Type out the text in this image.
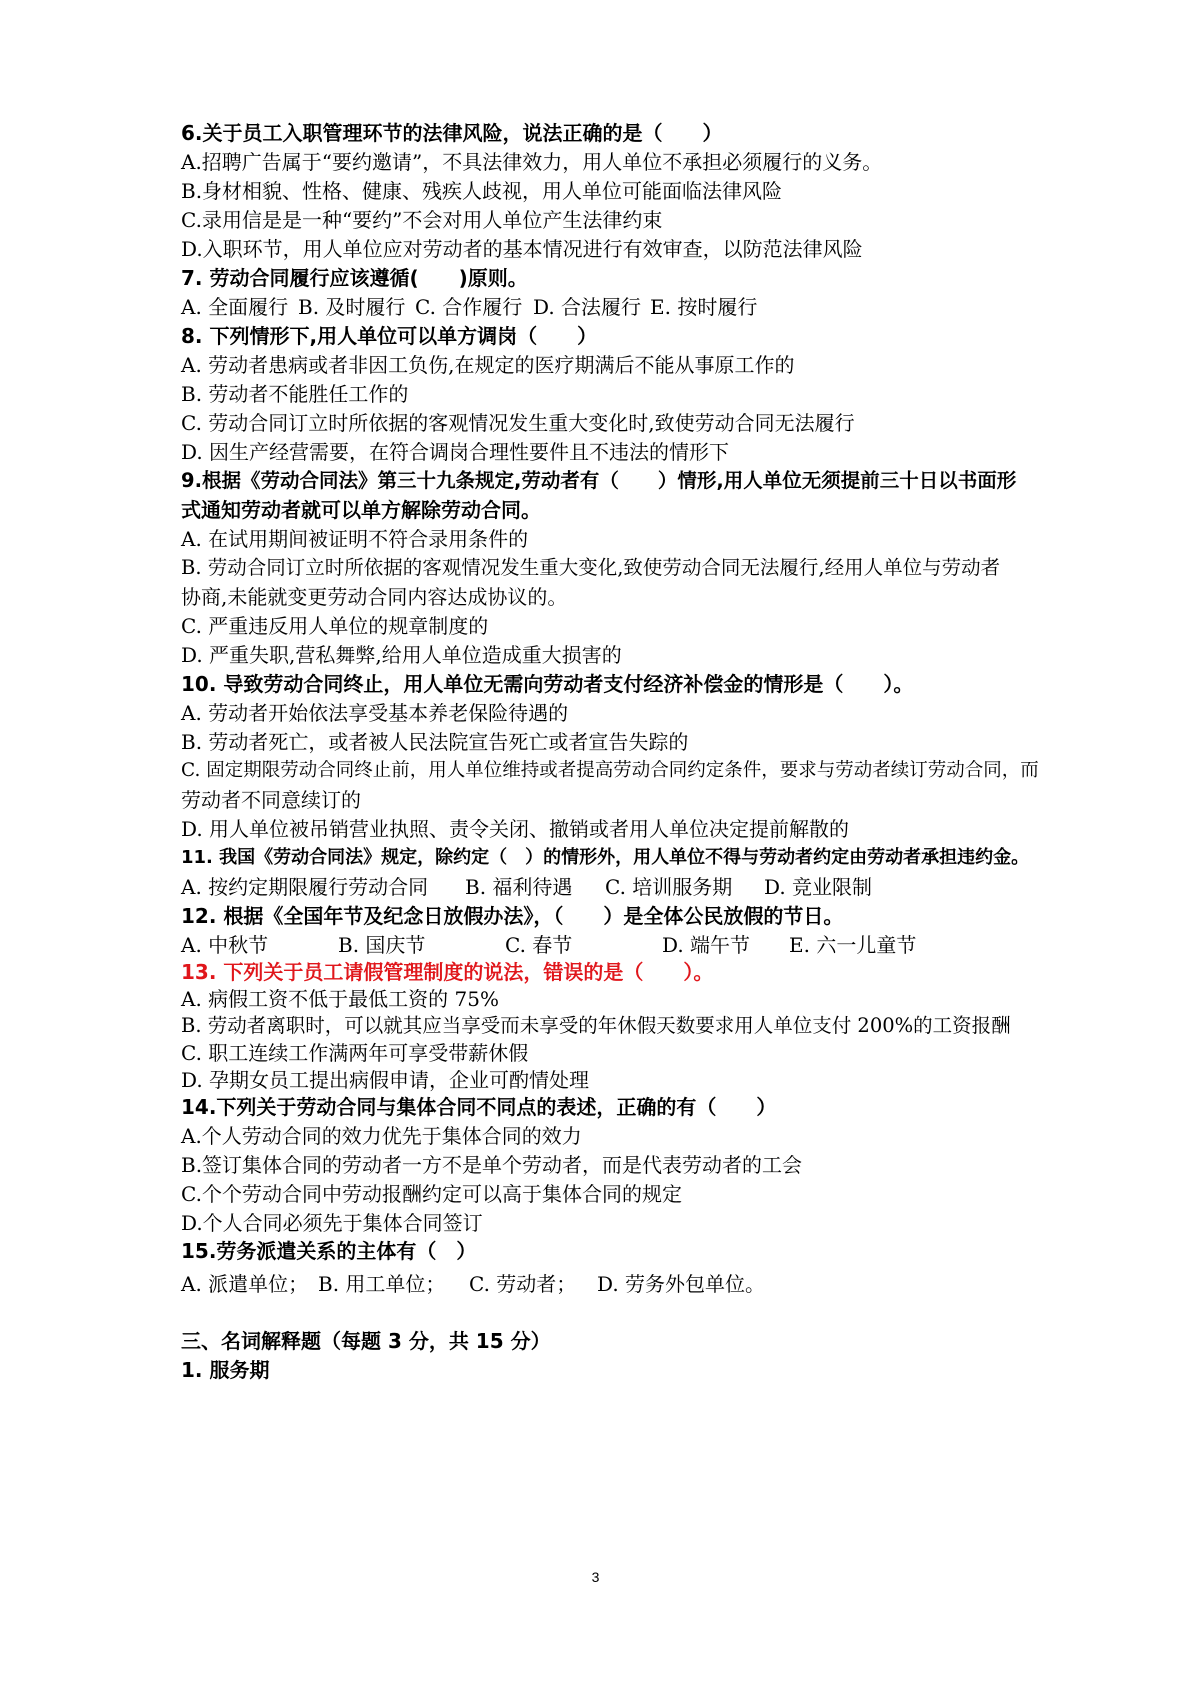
6.关于员工入职管理环节的法律风险，说法正确的是（　　）
A.招聘广告属于“要约邀请”，不具法律效力，用人单位不承担必须履行的义务。
B.身材相貌、性格、健康、残疾人歧视，用人单位可能面临法律风险
C.录用信是是一种“要约”不会对用人单位产生法律约束
D.入职环节，用人单位应对劳动者的基本情况进行有效审查，以防范法律风险
7. 劳动合同履行应该遵循(　　)原则。
A. 全面履行 B. 及时履行 C. 合作履行 D. 合法履行 E. 按时履行
8. 下列情形下,用人单位可以单方调岗（　　）
A. 劳动者患病或者非因工负伤,在规定的医疗期满后不能从事原工作的
B. 劳动者不能胜任工作的
C. 劳动合同订立时所依据的客观情况发生重大变化时,致使劳动合同无法履行
D. 因生产经营需要，在符合调岗合理性要件且不违法的情形下
9.根据《劳动合同法》第三十九条规定,劳动者有（　　）情形,用人单位无须提前三十日以书面形
式通知劳动者就可以单方解除劳动合同。
A. 在试用期间被证明不符合录用条件的
B. 劳动合同订立时所依据的客观情况发生重大变化,致使劳动合同无法履行,经用人单位与劳动者
协商,未能就变更劳动合同内容达成协议的。
C. 严重违反用人单位的规章制度的
D. 严重失职,营私舞弊,给用人单位造成重大损害的
10. 导致劳动合同终止，用人单位无需向劳动者支付经济补偿金的情形是（　　）。
A. 劳动者开始依法享受基本养老保险待遇的
B. 劳动者死亡，或者被人民法院宣告死亡或者宣告失踪的
C. 固定期限劳动合同终止前，用人单位维持或者提高劳动合同约定条件，要求与劳动者续订劳动合同，而
劳动者不同意续订的
D. 用人单位被吊销营业执照、责令关闭、撤销或者用人单位决定提前解散的
11. 我国《劳动合同法》规定，除约定（　）的情形外，用人单位不得与劳动者约定由劳动者承担违约金。
A. 按约定期限履行劳动合同 B. 福利待遇 C. 培训服务期 D. 竞业限制
12. 根据《全国年节及纪念日放假办法》，（　　）是全体公民放假的节日。
A. 中秋节	B. 国庆节	C. 春节	D. 端午节 E. 六一儿童节
13. 下列关于员工请假管理制度的说法，错误的是（　　）。
A. 病假工资不低于最低工资的 75%
B. 劳动者离职时，可以就其应当享受而未享受的年休假天数要求用人单位支付 200%的工资报酬
C. 职工连续工作满两年可享受带薪休假
D. 孕期女员工提出病假申请，企业可酌情处理
14.下列关于劳动合同与集体合同不同点的表述，正确的有（　　）
A.个人劳动合同的效力优先于集体合同的效力
B.签订集体合同的劳动者一方不是单个劳动者，而是代表劳动者的工会
C.个个劳动合同中劳动报酬约定可以高于集体合同的规定
D.个人合同必须先于集体合同签订
15.劳务派遣关系的主体有（　）
A. 派遣单位； B. 用工单位； C. 劳动者； D. 劳务外包单位。
三、名词解释题（每题 3 分，共 15 分）
1. 服务期
3
